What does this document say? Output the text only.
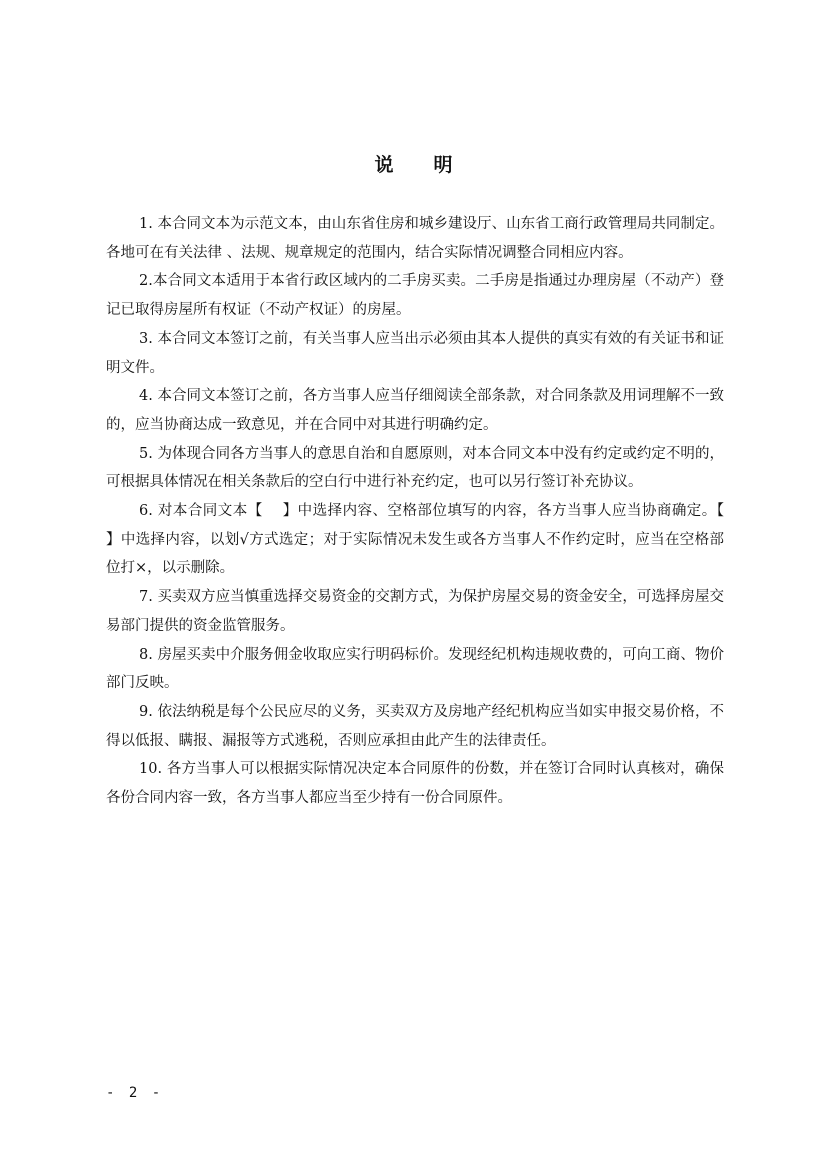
说 明

1. 本合同文本为示范文本，由山东省住房和城乡建设厅、山东省工商行政管理局共同制定。各地可在有关法律 、法规、规章规定的范围内，结合实际情况调整合同相应内容。

2.本合同文本适用于本省行政区域内的二手房买卖。二手房是指通过办理房屋（不动产）登记已取得房屋所有权证（不动产权证）的房屋。

3. 本合同文本签订之前，有关当事人应当出示必须由其本人提供的真实有效的有关证书和证明文件。

4. 本合同文本签订之前，各方当事人应当仔细阅读全部条款，对合同条款及用词理解不一致的，应当协商达成一致意见，并在合同中对其进行明确约定。

5. 为体现合同各方当事人的意思自治和自愿原则，对本合同文本中没有约定或约定不明的，可根据具体情况在相关条款后的空白行中进行补充约定，也可以另行签订补充协议。

6. 对本合同文本【　 】中选择内容、空格部位填写的内容，各方当事人应当协商确定。【　 】中选择内容，以划√方式选定；对于实际情况未发生或各方当事人不作约定时，应当在空格部位打×，以示删除。

7. 买卖双方应当慎重选择交易资金的交割方式，为保护房屋交易的资金安全，可选择房屋交易部门提供的资金监管服务。

8. 房屋买卖中介服务佣金收取应实行明码标价。发现经纪机构违规收费的，可向工商、物价部门反映。

9. 依法纳税是每个公民应尽的义务，买卖双方及房地产经纪机构应当如实申报交易价格，不得以低报、瞒报、漏报等方式逃税，否则应承担由此产生的法律责任。

10. 各方当事人可以根据实际情况决定本合同原件的份数，并在签订合同时认真核对，确保各份合同内容一致，各方当事人都应当至少持有一份合同原件。

- 2 -
